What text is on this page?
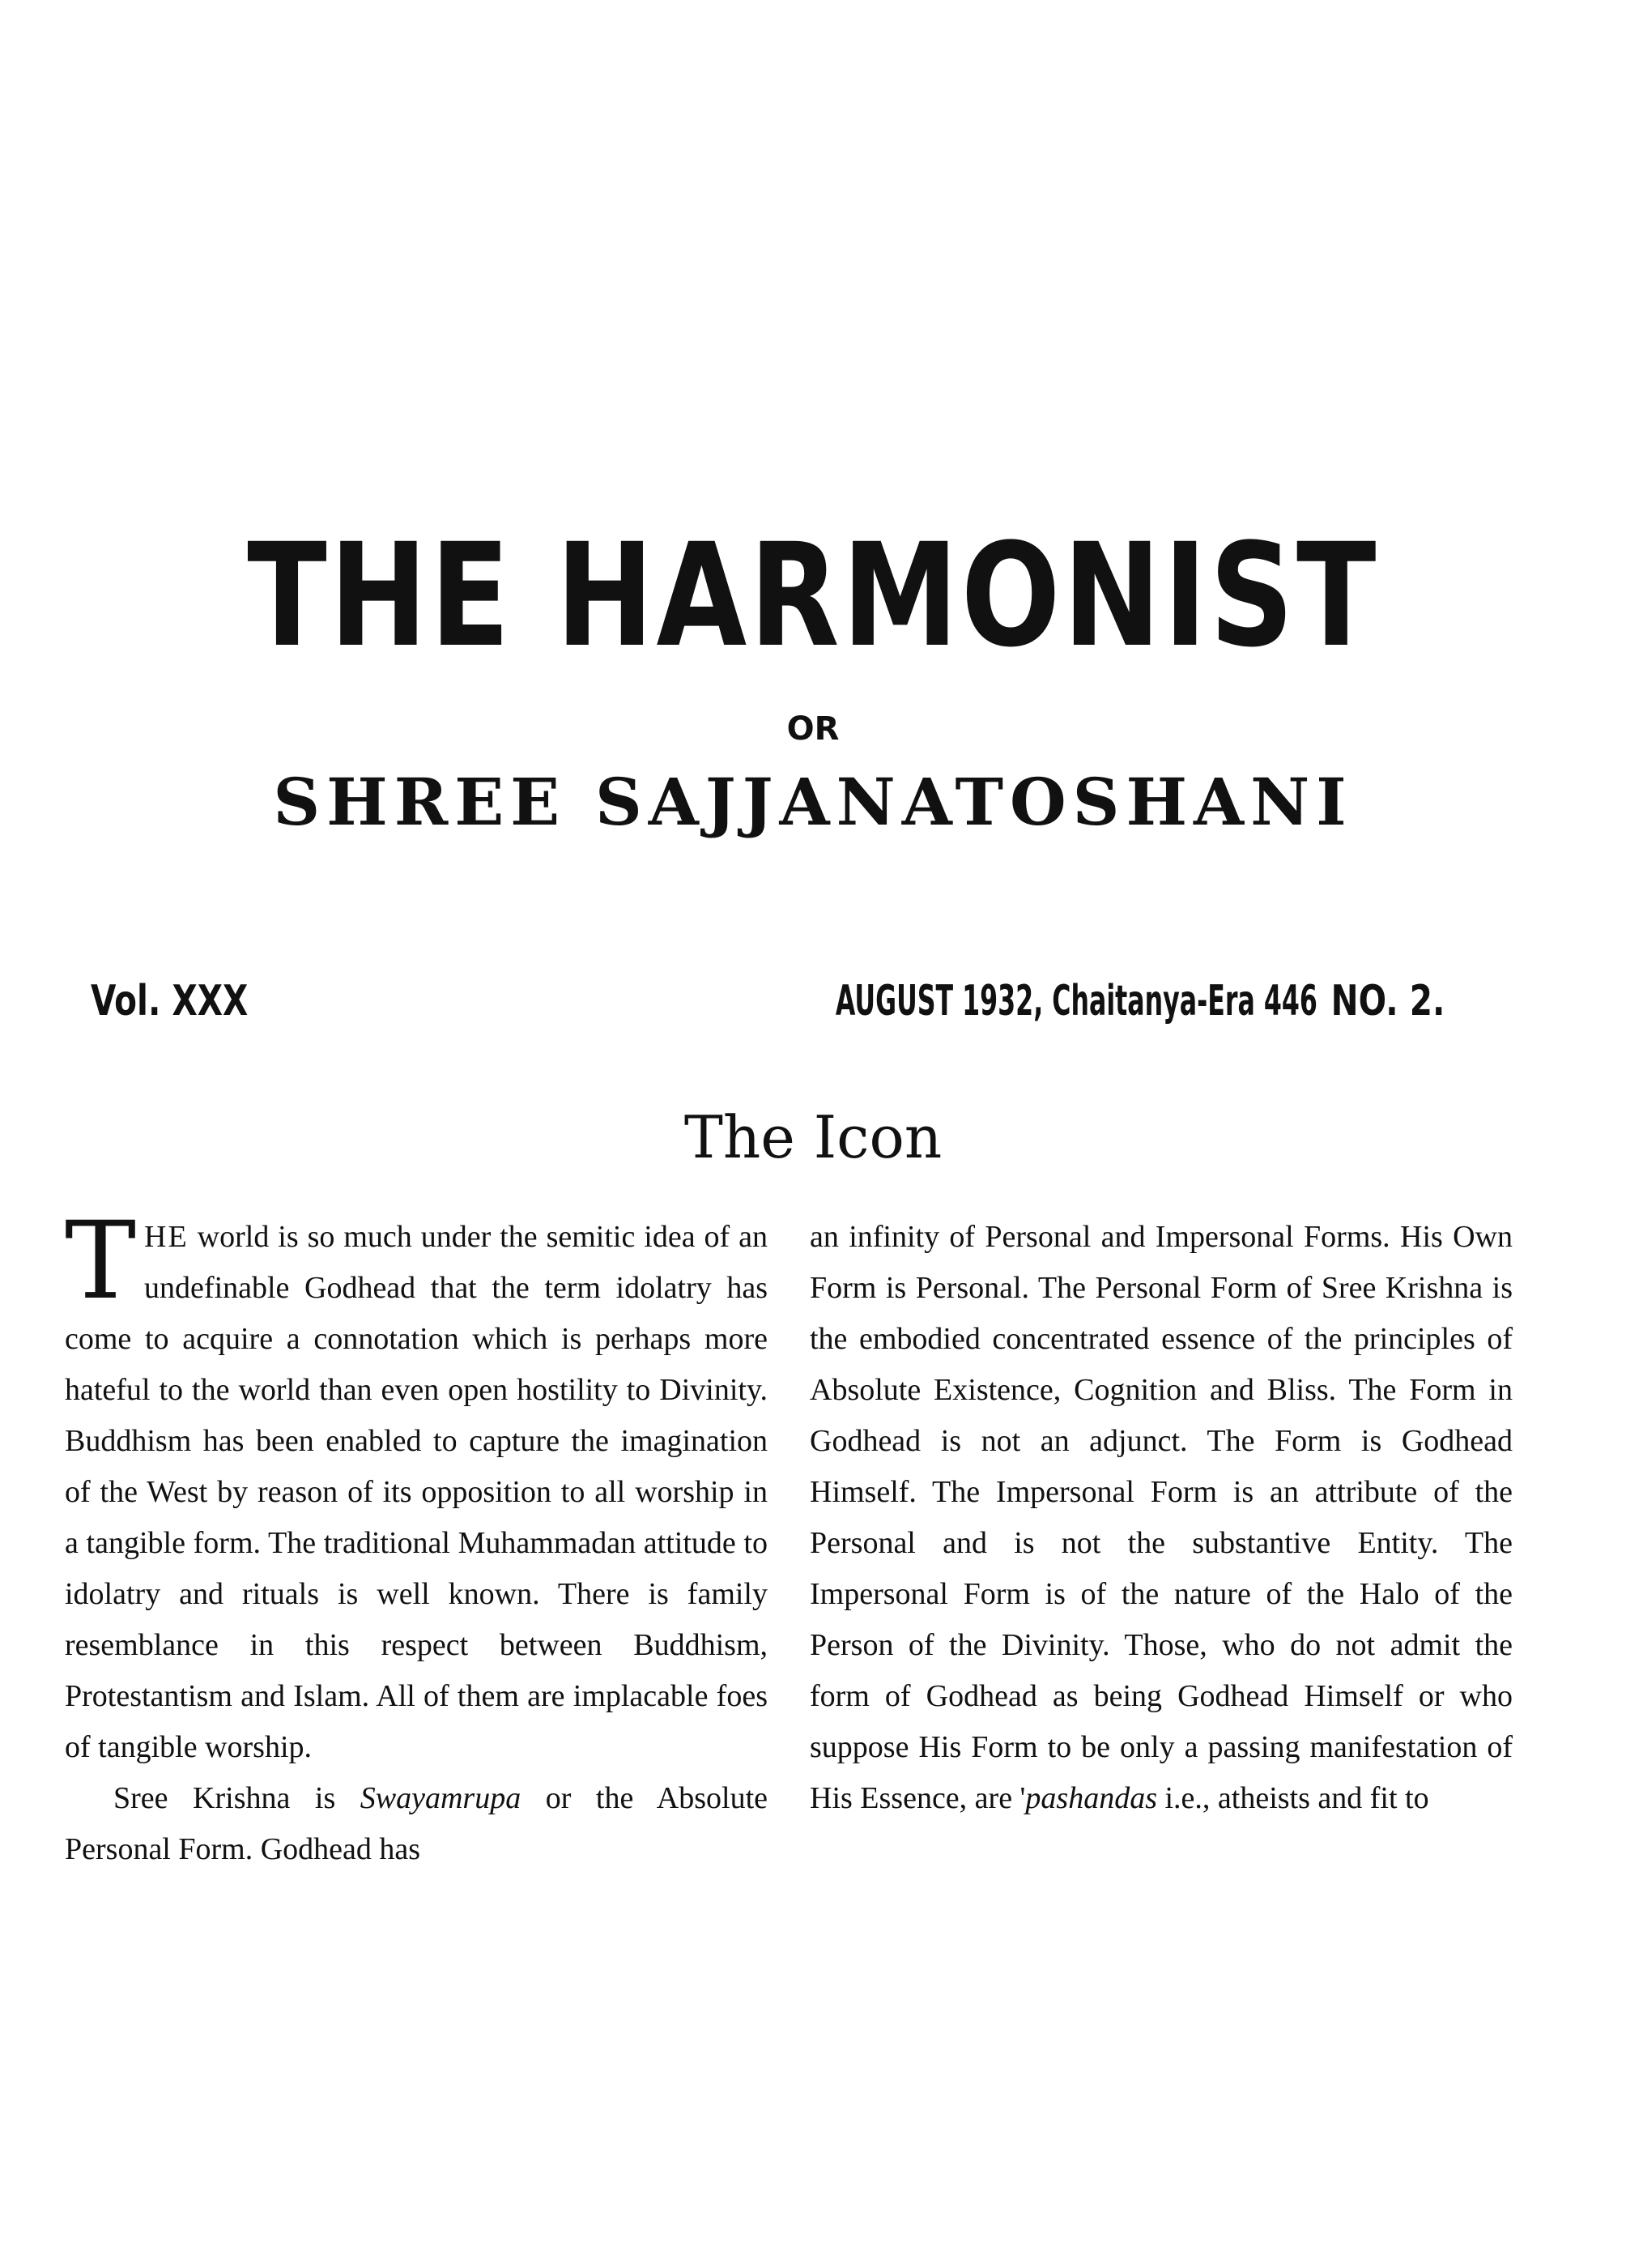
THE HARMONIST
OR
SHREE SAJJANATOSHANI
Vol. XXX	AUGUST 1932, Chaitanya-Era 446 NO. 2.
The Icon

THE world is so much under the semitic idea of an undefinable Godhead that the term idolatry has come to acquire a connotation which is perhaps more hateful to the world than even open hostility to Divinity. Buddhism has been enabled to capture the imagination of the West by reason of its opposition to all worship in a tangible form. The traditional Muhammadan attitude to idolatry and rituals is well known. There is family resemblance in this respect between Buddhism, Protestantism and Islam. All of them are implacable foes of tangible worship.

Sree Krishna is Swayamrupa or the Absolute Personal Form. Godhead has

an infinity of Personal and Impersonal Forms. His Own Form is Personal. The Personal Form of Sree Krishna is the embodied concentrated essence of the principles of Absolute Existence, Cognition and Bliss. The Form in Godhead is not an adjunct. The Form is Godhead Himself. The Impersonal Form is an attribute of the Personal and is not the substantive Entity. The Impersonal Form is of the nature of the Halo of the Person of the Divinity. Those, who do not admit the form of Godhead as being Godhead Himself or who suppose His Form to be only a passing manifestation of His Essence, are 'pashandas i.e., atheists and fit to
